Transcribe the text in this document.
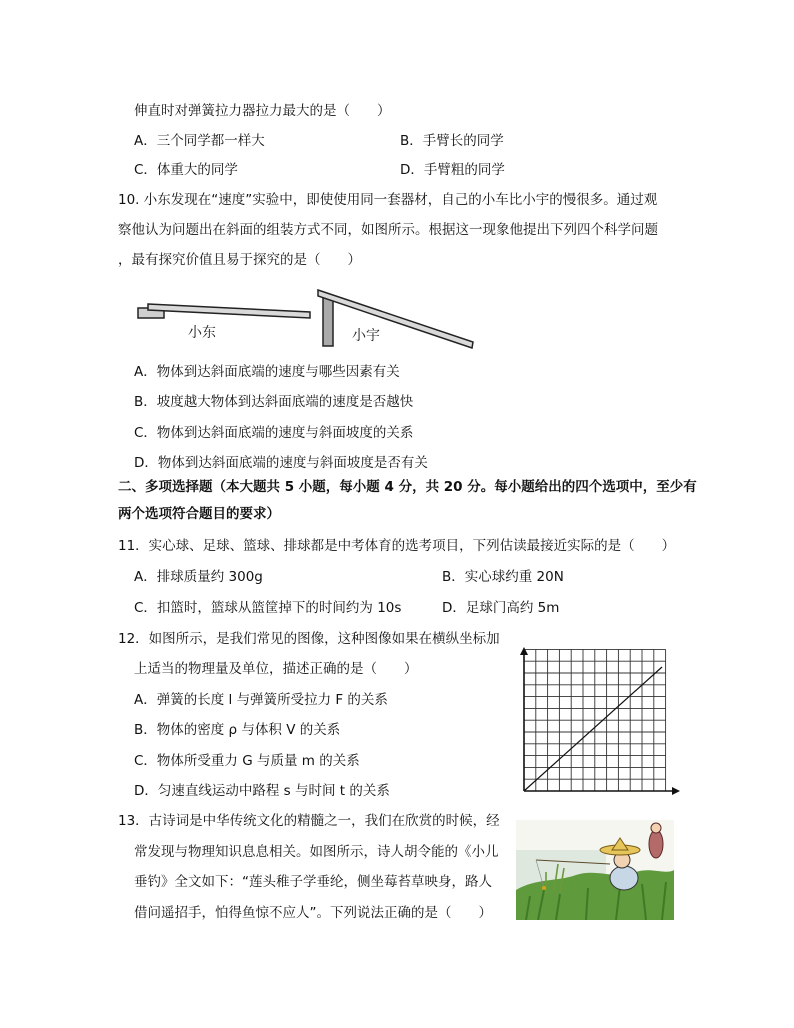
伸直时对弹簧拉力器拉力最大的是（　　）
A．三个同学都一样大	B．手臂长的同学
C．体重大的同学	D．手臂粗的同学
10. 小东发现在“速度”实验中，即使使用同一套器材，自己的小车比小宇的慢很多。通过观
察他认为问题出在斜面的组装方式不同，如图所示。根据这一现象他提出下列四个科学问题
，最有探究价值且易于探究的是（　　）
小东	小宇
A．物体到达斜面底端的速度与哪些因素有关
B．坡度越大物体到达斜面底端的速度是否越快
C．物体到达斜面底端的速度与斜面坡度的关系
D．物体到达斜面底端的速度与斜面坡度是否有关
二、多项选择题（本大题共 5 小题，每小题 4 分，共 20 分。每小题给出的四个选项中，至少有
两个选项符合题目的要求）
11．实心球、足球、篮球、排球都是中考体育的选考项目，下列估读最接近实际的是（　　）
A．排球质量约 300g	B．实心球约重 20N
C．扣篮时，篮球从篮筐掉下的时间约为 10s	D．足球门高约 5m
12．如图所示，是我们常见的图像，这种图像如果在横纵坐标加
上适当的物理量及单位，描述正确的是（　　）
A．弹簧的长度 l 与弹簧所受拉力 F 的关系
B．物体的密度 ρ 与体积 V 的关系
C．物体所受重力 G 与质量 m 的关系
D．匀速直线运动中路程 s 与时间 t 的关系
13．古诗词是中华传统文化的精髓之一，我们在欣赏的时候，经
常发现与物理知识息息相关。如图所示，诗人胡令能的《小儿
垂钓》全文如下：“莲头稚子学垂纶，侧坐莓苔草映身，路人
借问遥招手，怕得鱼惊不应人”。下列说法正确的是（　　）
